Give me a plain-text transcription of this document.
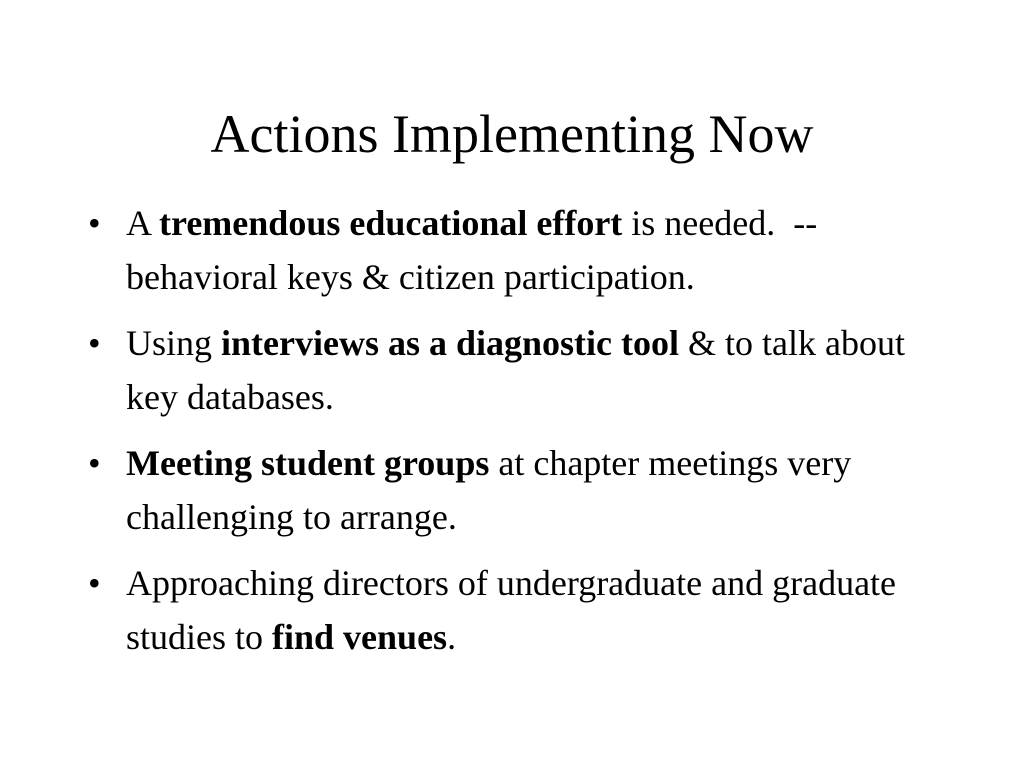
Actions Implementing Now
• A tremendous educational effort is needed.  -- behavioral keys & citizen participation.
• Using interviews as a diagnostic tool & to talk about key databases.
• Meeting student groups at chapter meetings very challenging to arrange.
• Approaching directors of undergraduate and graduate studies to find venues.
